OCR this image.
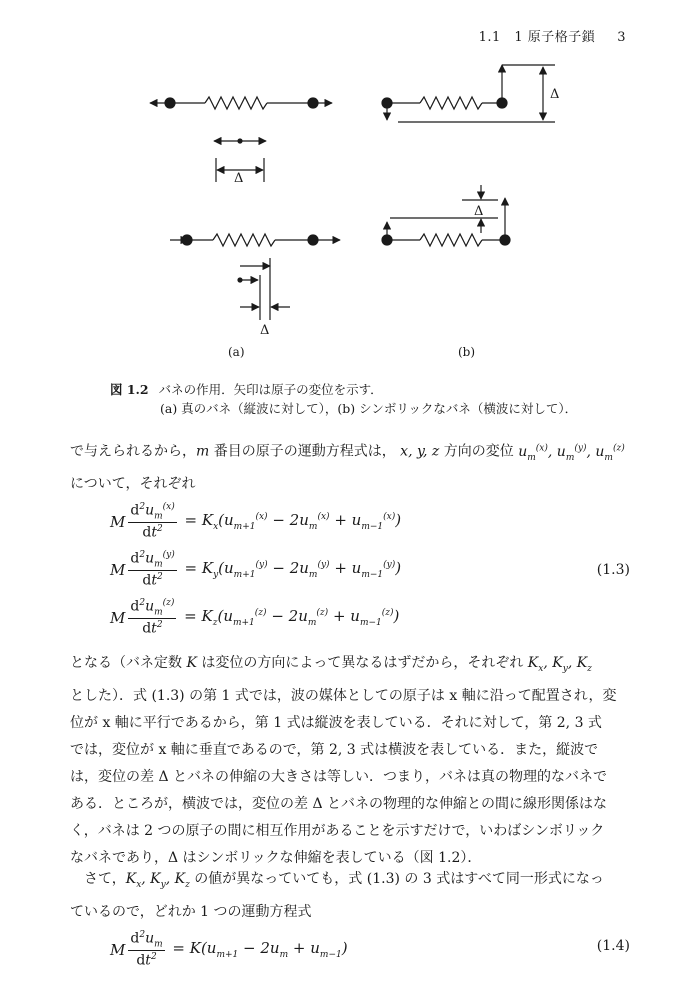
1.1　1 原子格子鎖 3
Δ
Δ
Δ
Δ
(a)	(b)
図 1.2 バネの作用．矢印は原子の変位を示す．
(a) 真のバネ（縦波に対して），(b) シンボリックなバネ（横波に対して）．
で与えられるから，m 番目の原子の運動方程式は， x, y, z 方向の変位 $u_m^{(x)}$, $u_m^{(y)}$, $u_m^{(z)}$
について，それぞれ
M $\frac{d^2u_m^{(x)}}{dt^2} = K_x(u_{m+1}^{(x)} - 2u_m^{(x)} + u_{m-1}^{(x)})$
M $\frac{d^2u_m^{(y)}}{dt^2} = K_y(u_{m+1}^{(y)} - 2u_m^{(y)} + u_{m-1}^{(y)})$	(1.3)
M $\frac{d^2u_m^{(z)}}{dt^2} = K_z(u_{m+1}^{(z)} - 2u_m^{(z)} + u_{m-1}^{(z)})$
となる（バネ定数 K は変位の方向によって異なるはずだから，それぞれ $K_x$, $K_y$, $K_z$
とした）．式 (1.3) の第 1 式では，波の媒体としての原子は x 軸に沿って配置され，変
位が x 軸に平行であるから，第 1 式は縦波を表している．それに対して，第 2, 3 式
では，変位が x 軸に垂直であるので，第 2, 3 式は横波を表している．また，縦波で
は，変位の差 Δ とバネの伸縮の大きさは等しい．つまり，バネは真の物理的なバネで
ある．ところが，横波では，変位の差 Δ とバネの物理的な伸縮との間に線形関係はな
く，バネは 2 つの原子の間に相互作用があることを示すだけで，いわばシンボリック
なバネであり，Δ はシンボリックな伸縮を表している（図 1.2）．
さて，$K_x$, $K_y$, $K_z$ の値が異なっていても，式 (1.3) の 3 式はすべて同一形式になっ
ているので，どれか 1 つの運動方程式
M $\frac{d^2u_m}{dt^2} = K(u_{m+1} - 2u_m + u_{m-1})$	(1.4)
